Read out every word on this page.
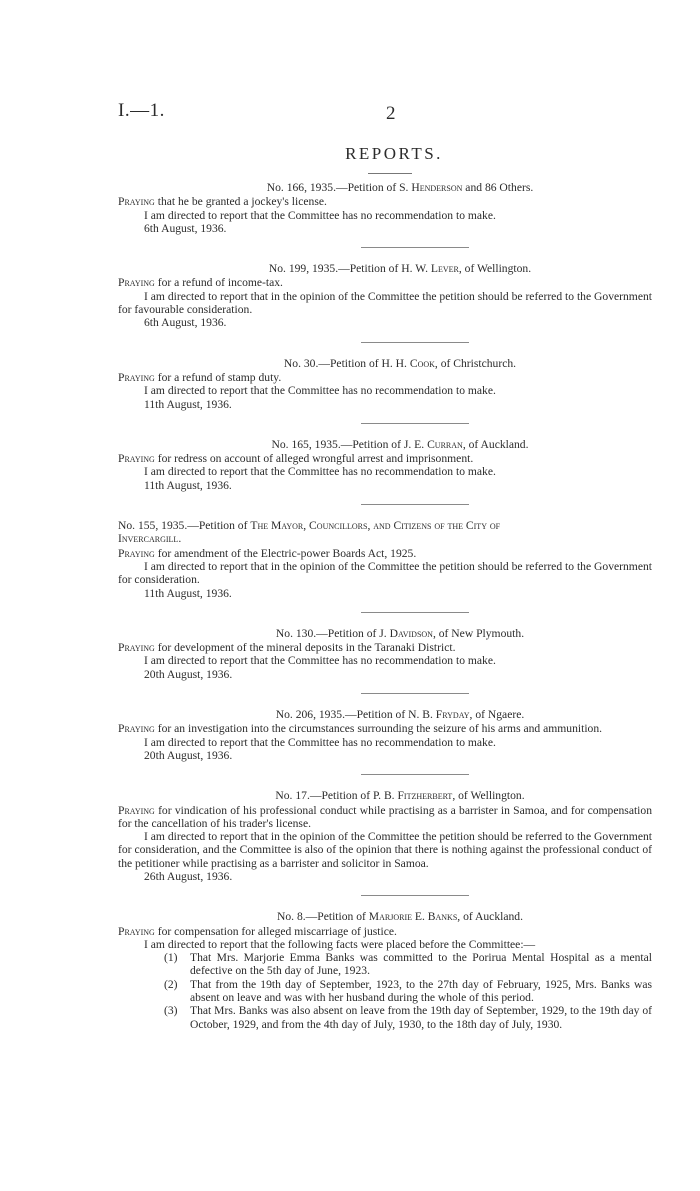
I.—1.	2
REPORTS.
No. 166, 1935.—Petition of S. Henderson and 86 Others.

Praying that he be granted a jockey's license.

I am directed to report that the Committee has no recommendation to make.

6th August, 1936.

No. 199, 1935.—Petition of H. W. Lever, of Wellington.

Praying for a refund of income-tax.

I am directed to report that in the opinion of the Committee the petition should be referred to the Government for favourable consideration.

6th August, 1936.

No. 30.—Petition of H. H. Cook, of Christchurch.

Praying for a refund of stamp duty.

I am directed to report that the Committee has no recommendation to make.

11th August, 1936.

No. 165, 1935.—Petition of J. E. Curran, of Auckland.

Praying for redress on account of alleged wrongful arrest and imprisonment.

I am directed to report that the Committee has no recommendation to make.

11th August, 1936.

No. 155, 1935.—Petition of The Mayor, Councillors, and Citizens of the City of
Invercargill.

Praying for amendment of the Electric-power Boards Act, 1925.

I am directed to report that in the opinion of the Committee the petition should be referred to the Government for consideration.

11th August, 1936.

No. 130.—Petition of J. Davidson, of New Plymouth.

Praying for development of the mineral deposits in the Taranaki District.

I am directed to report that the Committee has no recommendation to make.

20th August, 1936.

No. 206, 1935.—Petition of N. B. Fryday, of Ngaere.

Praying for an investigation into the circumstances surrounding the seizure of his arms and ammunition.

I am directed to report that the Committee has no recommendation to make.

20th August, 1936.

No. 17.—Petition of P. B. Fitzherbert, of Wellington.

Praying for vindication of his professional conduct while practising as a barrister in Samoa, and for compensation for the cancellation of his trader's license.

I am directed to report that in the opinion of the Committee the petition should be referred to the Government for consideration, and the Committee is also of the opinion that there is nothing against the professional conduct of the petitioner while practising as a barrister and solicitor in Samoa.

26th August, 1936.

No. 8.—Petition of Marjorie E. Banks, of Auckland.

Praying for compensation for alleged miscarriage of justice.

I am directed to report that the following facts were placed before the Committee:—

(1)	That Mrs. Marjorie Emma Banks was committed to the Porirua Mental Hospital as a mental defective on the 5th day of June, 1923.
(2)	That from the 19th day of September, 1923, to the 27th day of February, 1925, Mrs. Banks was absent on leave and was with her husband during the whole of this period.
(3)	That Mrs. Banks was also absent on leave from the 19th day of September, 1929, to the 19th day of October, 1929, and from the 4th day of July, 1930, to the 18th day of July, 1930.
